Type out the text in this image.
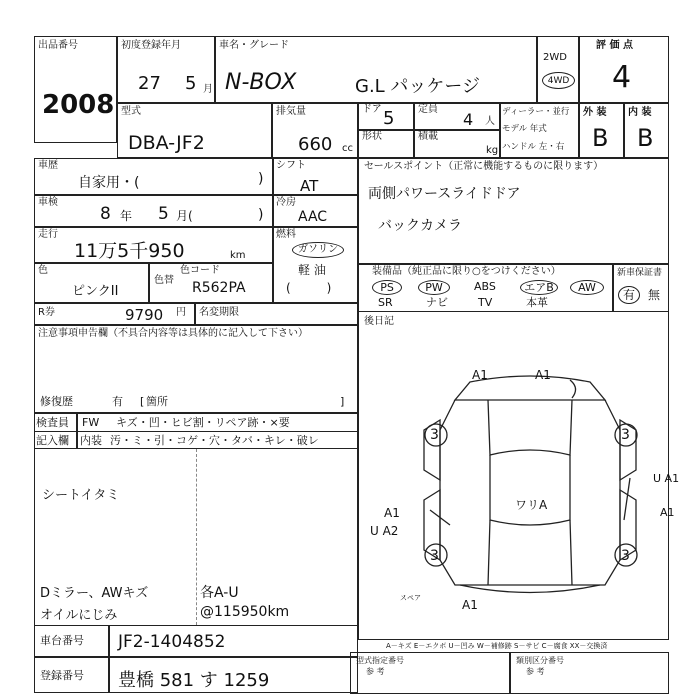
出品番号
2008
初度登録年月
27 5 月
車名・グレード
N-BOX	G.L パッケージ
2WD
4WD
評 価 点
4
型式
DBA-JF2
排気量
660 cc
ドア 5 定員
4 人
形状	積載
kg
ディーラー・並行
モデル 年式
ハンドル 左・右
外 装 内 装
B B
車歴
自家用・(	)
車検
8 年 5 月(	)
走行
11万5千950	km
色
ピンクII
色替
色コード
R562PA
シフト
AT
冷房
AAC
燃料
ガソリン
軽 油
(　　　)
R券	9790 円 名変期限
セールスポイント（正常に機能するものに限ります）
両側パワースライドドア
バックカメラ
装備品（純正品に限り○をつけください）
PS	PW	ABS	エアB	AW
SR	ナビ	TV	本革
新車保証書
有	無
注意事項申告欄（不具合内容等は具体的に記入して下さい）
修復歴	有 [ 箇所	]
検査員
記入欄
FW キズ・凹・ヒビ割・リペア跡・×要
内装 汚・ミ・引・コゲ・穴・タバ・キレ・破レ
シートイタミ
Dミラー、AWキズ	各A-U
オイルにじみ	@115950km
後日記
A1	A1
3	3
U A1
A1
A1
U A2
3	3
A1
ワリA
スペア
A－キズ E－エクボ U－凹み W－補修跡 S－サビ C－腐食 XX－交換済
車台番号 JF2-1404852
登録番号 豊橋 581 す 1259
型式指定番号
参 考
類別区分番号
参 考
